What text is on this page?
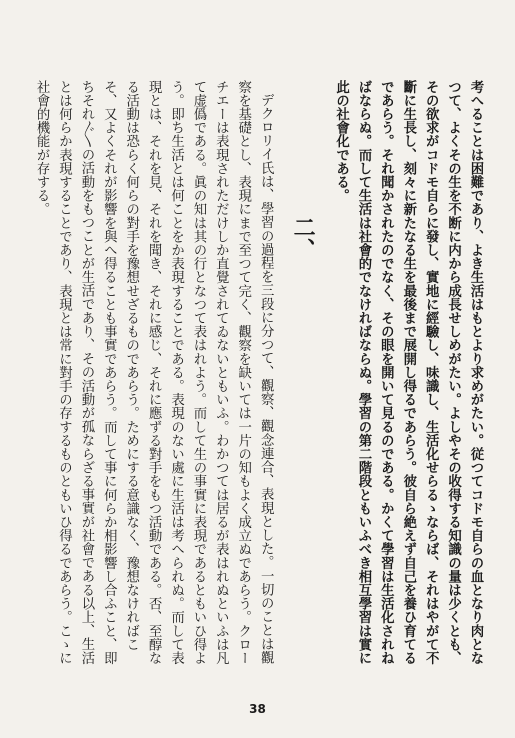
考へることは困難であり、よき生活はもとより求めがたい。従つてコドモ自らの血となり肉となつて、よくその生を不断に内から成長せしめがたい。よしやその收得する知識の量は少くとも、その欲求がコドモ自らに發し、實地に經驗し、味識し、生活化せらるゝならば、それはやがて不斷に生長し、刻々に新たなる生を最後まで展開し得るであらう。彼自ら絶えず自己を養ひ育てるであらう。それ聞かされたのでなく、その眼を開いて見るのである。かくて學習は生活化されねばならぬ。而して生活は社會的でなければならぬ。學習の第二階段ともいふべき相互學習は實に此の社會化である。

二、

デクロリイ氏は、學習の過程を三段に分つて、觀察、觀念連合、表現とした。一切のことは觀察を基礎とし、表現にまで至つて完く、觀察を缺いては一片の知もよく成立ぬであらう。クローチエーは表現されただけしか直覺されてゐないともいふ。わかつては居るが表はれぬといふは凡て虚僞である。眞の知は其の行となつて表はれよう。而して生の事實に表現であるともいひ得よう。即ち生活とは何ことをか表現することである。表現のない處に生活は考へられぬ。而して表現とは、それを見、それを聞き、それに感じ、それに應ずる對手をもつ活動である。否、至醇なる活動は恐らく何らの對手を豫想せざるものであらう。ためにする意識なく、豫想なければこそ、又よくそれが影響を與へ得ることも事實であらう。而して事に何らか相影響し合ふこと、即ちそれ〴〵の活動をもつことが生活であり、その活動が孤ならざる事實が社會である以上、生活とは何らか表現することであり、表現とは常に對手の存するものともいひ得るであらう。こゝに社會的機能が存する。

38
